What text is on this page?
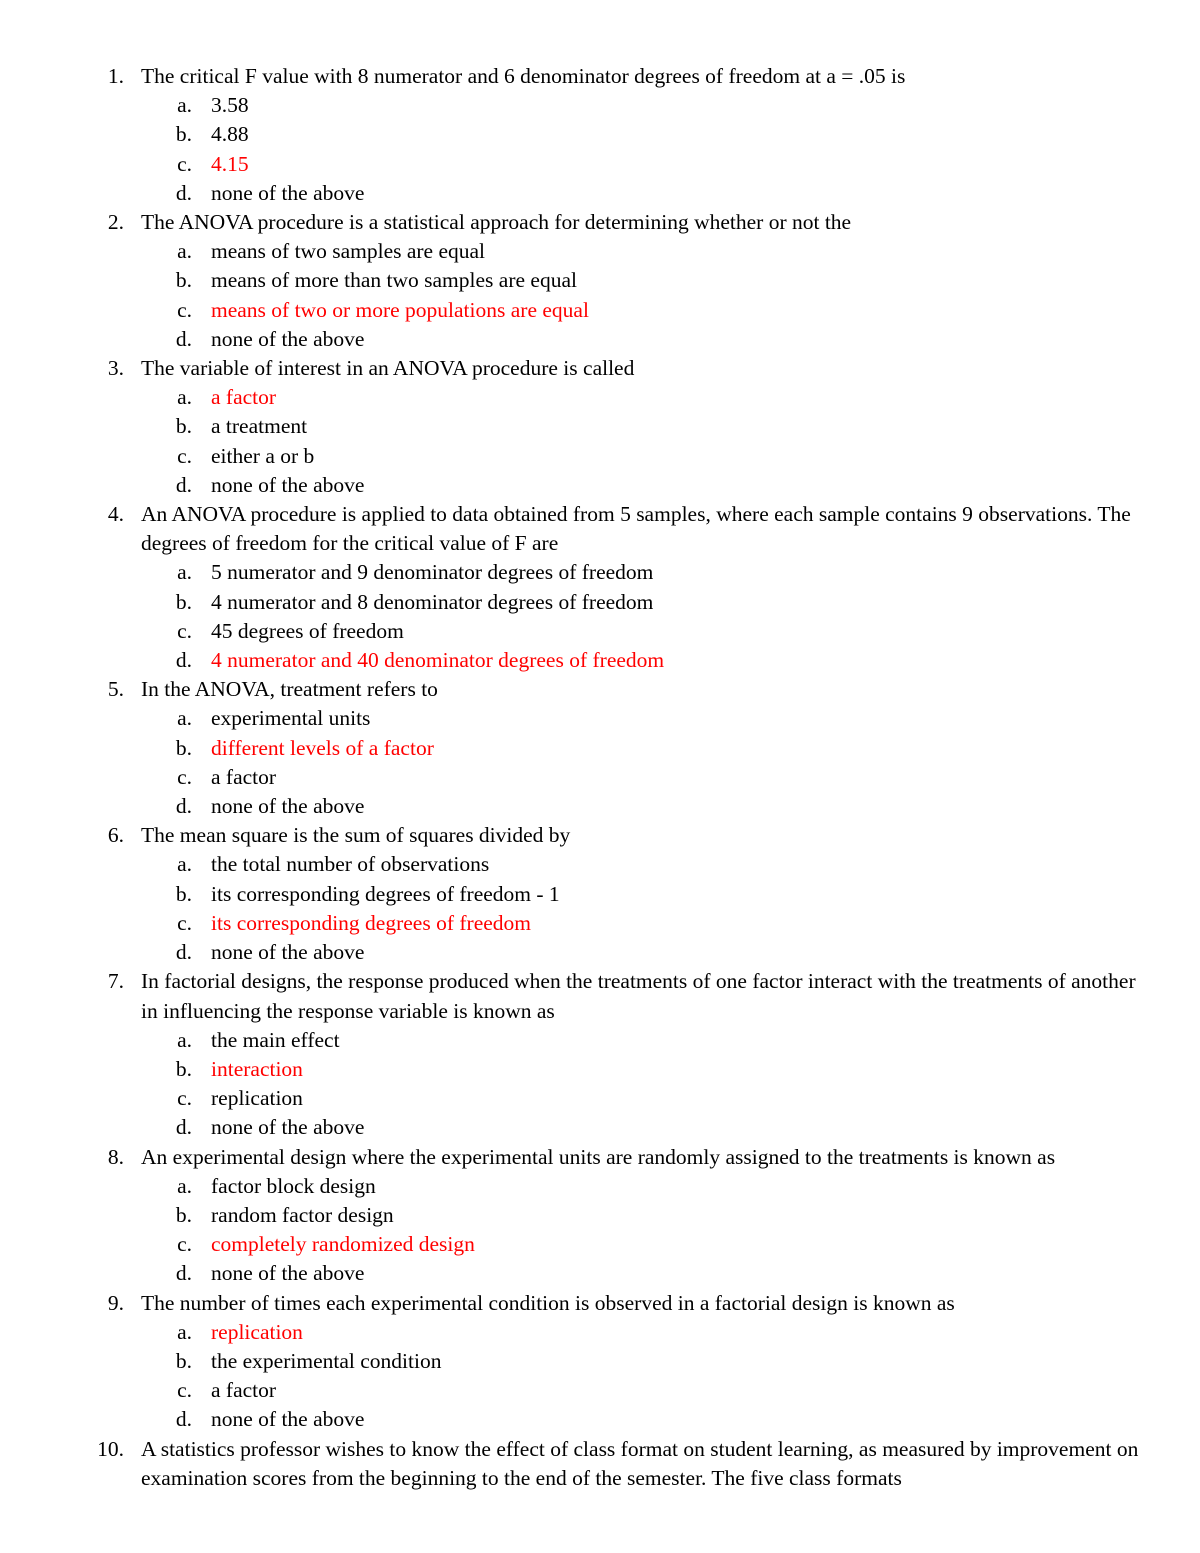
1. The critical F value with 8 numerator and 6 denominator degrees of freedom at a = .05 is

a. 3.58
b. 4.88
c. 4.15
d. none of the above
2. The ANOVA procedure is a statistical approach for determining whether or not the

a. means of two samples are equal
b. means of more than two samples are equal
c. means of two or more populations are equal
d. none of the above
3. The variable of interest in an ANOVA procedure is called

a. a factor
b. a treatment
c. either a or b
d. none of the above
4. An ANOVA procedure is applied to data obtained from 5 samples, where each sample contains 9 observations. The degrees of freedom for the critical value of F are

a. 5 numerator and 9 denominator degrees of freedom
b. 4 numerator and 8 denominator degrees of freedom
c. 45 degrees of freedom
d. 4 numerator and 40 denominator degrees of freedom
5. In the ANOVA, treatment refers to

a. experimental units
b. different levels of a factor
c. a factor
d. none of the above
6. The mean square is the sum of squares divided by

a. the total number of observations
b. its corresponding degrees of freedom - 1
c. its corresponding degrees of freedom
d. none of the above
7. In factorial designs, the response produced when the treatments of one factor interact with the treatments of another in influencing the response variable is known as

a. the main effect
b. interaction
c. replication
d. none of the above
8. An experimental design where the experimental units are randomly assigned to the treatments is known as

a. factor block design
b. random factor design
c. completely randomized design
d. none of the above
9. The number of times each experimental condition is observed in a factorial design is known as

a. replication
b. the experimental condition
c. a factor
d. none of the above
10. A statistics professor wishes to know the effect of class format on student learning, as measured by improvement on examination scores from the beginning to the end of the semester. The five class formats
